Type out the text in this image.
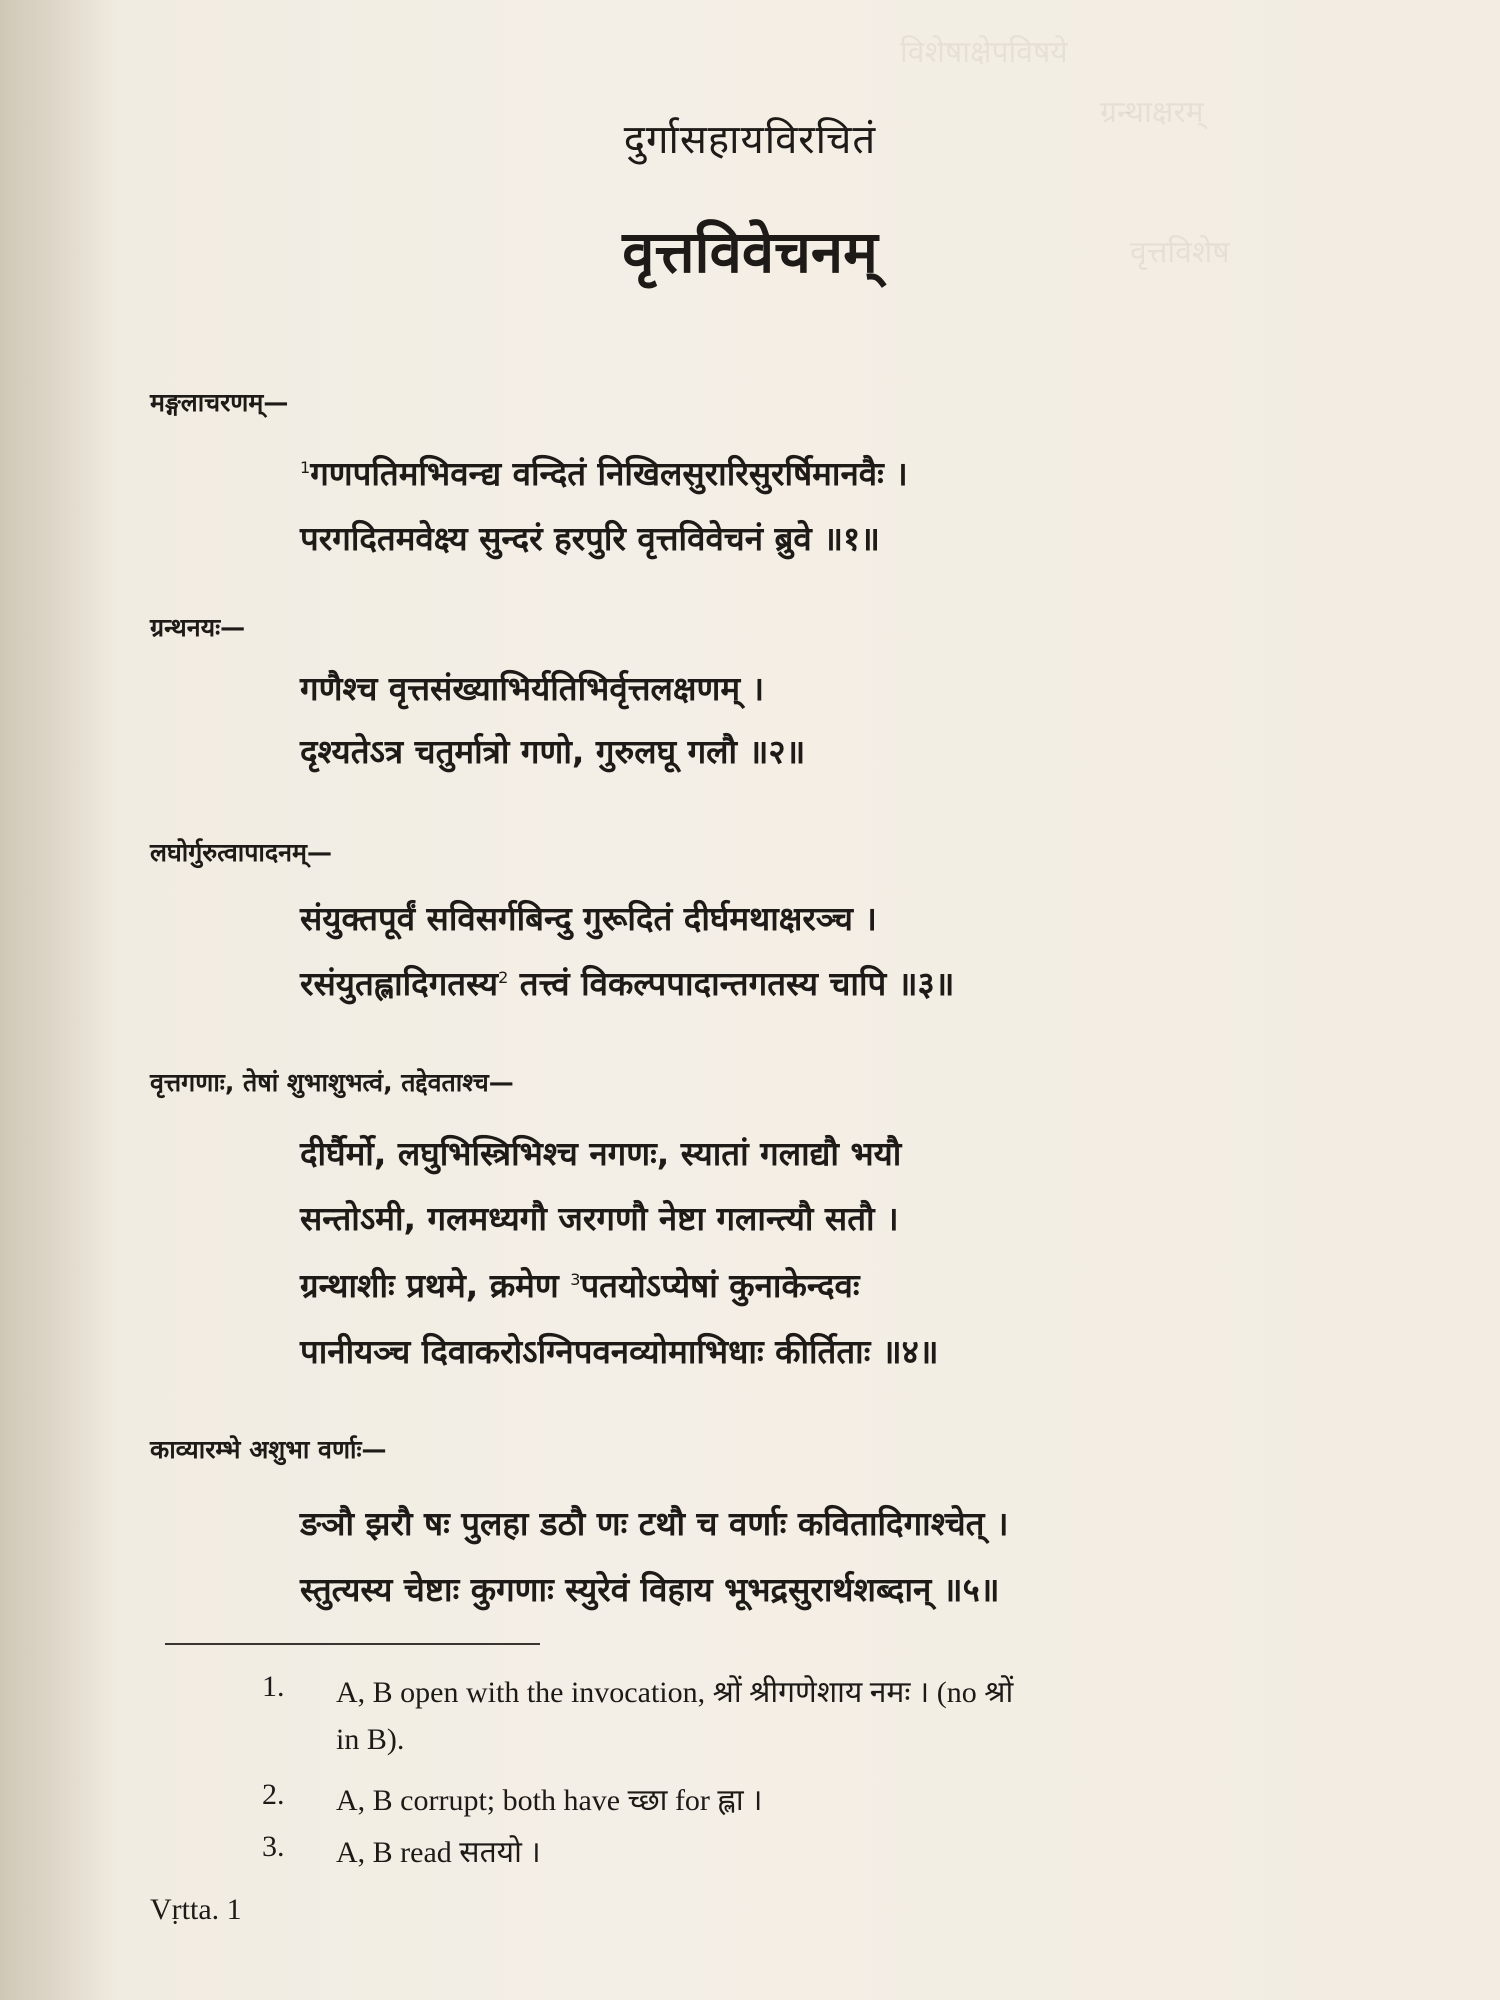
विशेषाक्षेपविषये
ग्रन्थाक्षरम्
वृत्तविशेष
दुर्गासहायविरचितं
वृत्तविवेचनम्
मङ्गलाचरणम्—
$^1$गणपतिमभिवन्द्य वन्दितं निखिलसुरारिसुरर्षिमानवैः ।
परगदितमवेक्ष्य सुन्दरं हरपुरि वृत्तविवेचनं ब्रुवे ॥१॥
ग्रन्थनयः—
गणैश्च वृत्तसंख्याभिर्यतिभिर्वृत्तलक्षणम् ।
दृश्यतेऽत्र चतुर्मात्रो गणो, गुरुलघू गलौ ॥२॥
लघोर्गुरुत्वापादनम्—
संयुक्तपूर्वं सविसर्गबिन्दु गुरूदितं दीर्घमथाक्षरञ्च ।
रसंयुतह्लादिगतस्य$^2$ तत्त्वं विकल्पपादान्तगतस्य चापि ॥३॥
वृत्तगणाः, तेषां शुभाशुभत्वं, तद्देवताश्च—
दीर्घैर्मो, लघुभिस्त्रिभिश्च नगणः, स्यातां गलाद्यौ भयौ
सन्तोऽमी, गलमध्यगौ जरगणौ नेष्टा गलान्त्यौ सतौ ।
ग्रन्थाशीः प्रथमे, क्रमेण $^3$पतयोऽप्येषां कुनाकेन्दवः
पानीयञ्च दिवाकरोऽग्निपवनव्योमाभिधाः कीर्तिताः ॥४॥
काव्यारम्भे अशुभा वर्णाः—
ङञौ झरौ षः पुलहा डठौ णः टथौ च वर्णाः कवितादिगाश्चेत् ।
स्तुत्यस्य चेष्टाः कुगणाः स्युरेवं विहाय भूभद्रसुरार्थशब्दान् ॥५॥
1. A, B open with the invocation, श्रों श्रीगणेशाय नमः । (no श्रों
in B).
2. A, B corrupt; both have च्छा for ह्ला ।
3. A, B read सतयो ।
Vṛtta. 1
